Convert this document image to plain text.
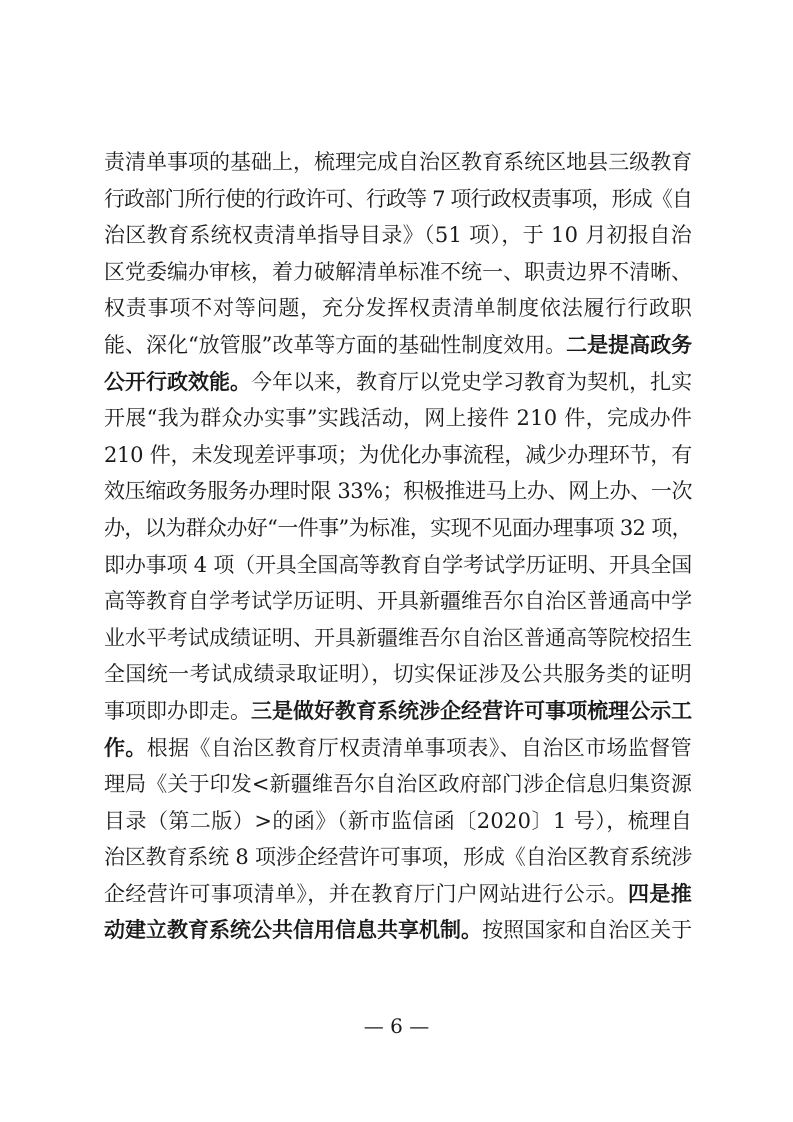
责清单事项的基础上，梳理完成自治区教育系统区地县三级教育
行政部门所行使的行政许可、行政等 7 项行政权责事项，形成《自
治区教育系统权责清单指导目录》（51 项），于 10 月初报自治
区党委编办审核，着力破解清单标准不统一、职责边界不清晰、
权责事项不对等问题，充分发挥权责清单制度依法履行行政职
能、深化“放管服”改革等方面的基础性制度效用。二是提高政务
公开行政效能。今年以来，教育厅以党史学习教育为契机，扎实
开展“我为群众办实事”实践活动，网上接件 210 件，完成办件
210 件，未发现差评事项；为优化办事流程，减少办理环节，有
效压缩政务服务办理时限 33%；积极推进马上办、网上办、一次
办，以为群众办好“一件事”为标准，实现不见面办理事项 32 项，
即办事项 4 项（开具全国高等教育自学考试学历证明、开具全国
高等教育自学考试学历证明、开具新疆维吾尔自治区普通高中学
业水平考试成绩证明、开具新疆维吾尔自治区普通高等院校招生
全国统一考试成绩录取证明），切实保证涉及公共服务类的证明
事项即办即走。三是做好教育系统涉企经营许可事项梳理公示工
作。根据《自治区教育厅权责清单事项表》、自治区市场监督管
理局《关于印发<新疆维吾尔自治区政府部门涉企信息归集资源
目录（第二版）>的函》（新市监信函〔2020〕1 号），梳理自
治区教育系统 8 项涉企经营许可事项，形成《自治区教育系统涉
企经营许可事项清单》，并在教育厅门户网站进行公示。四是推
动建立教育系统公共信用信息共享机制。按照国家和自治区关于
— 6 —
